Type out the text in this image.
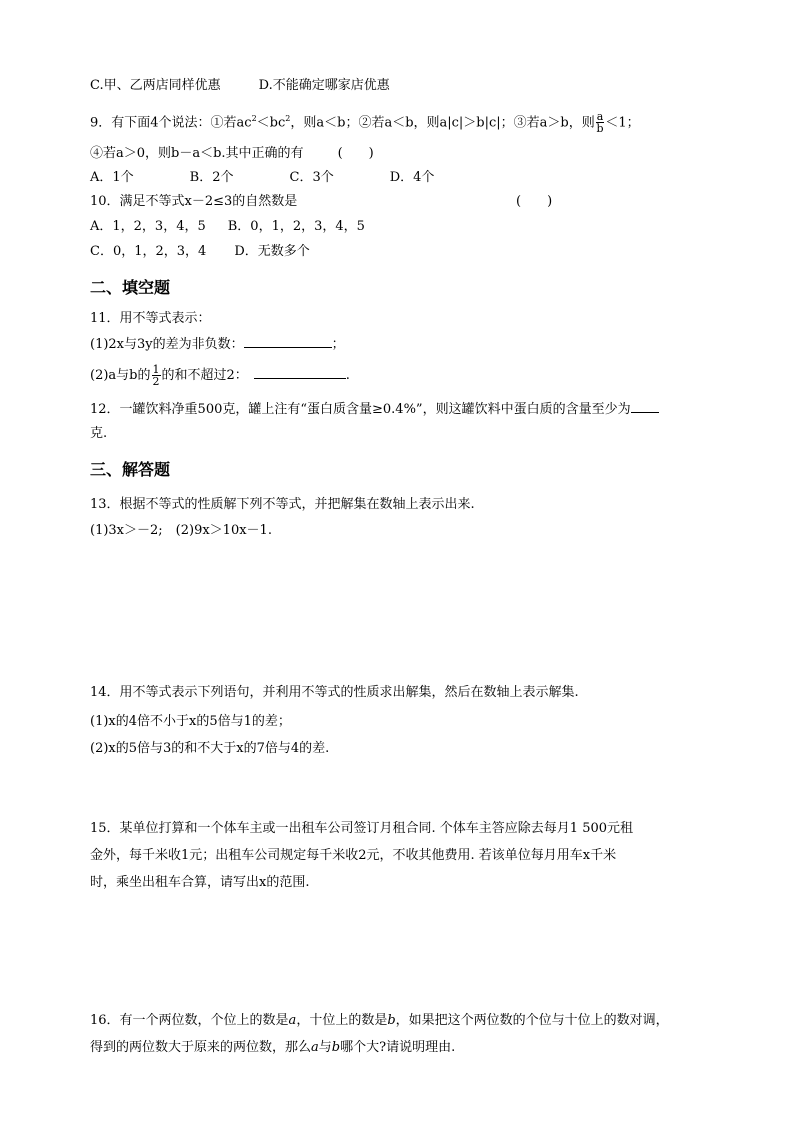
C.甲、乙两店同样优惠	D.不能确定哪家店优惠
9．有下面4个说法：①若$ac^2<bc^2$，则a＜b；②若a＜b，则a|c|＞b|c|；③若a＞b，则 $\frac{a}{b} <1$；
④若a＞0，则b－a＜b.其中正确的有	(　　)
A．1个	B．2个	C．3个	D．4个
10．满足不等式x－2≤3的自然数是	(　　)
A．1，2，3，4，5 B．0，1，2，3，4，5
C．0，1，2，3，4 D．无数多个
二、填空题
11．用不等式表示：
(1)2x与3y的差为非负数：	；
(2)a与b的 $\frac{1}{2}$ 的和不超过2：	.
12．一罐饮料净重500克，罐上注有“蛋白质含量≥0.4%”，则这罐饮料中蛋白质的含量至少为
克.
三、解答题
13．根据不等式的性质解下列不等式，并把解集在数轴上表示出来.
(1)3x＞－2;　(2)9x＞10x－1.
14．用不等式表示下列语句，并利用不等式的性质求出解集，然后在数轴上表示解集.
(1)x的4倍不小于x的5倍与1的差；
(2)x的5倍与3的和不大于x的7倍与4的差.
15．某单位打算和一个体车主或一出租车公司签订月租合同. 个体车主答应除去每月1 500元租
金外，每千米收1元；出租车公司规定每千米收2元，不收其他费用. 若该单位每月用车x千米
时，乘坐出租车合算，请写出x的范围.
16．有一个两位数，个位上的数是a，十位上的数是b，如果把这个两位数的个位与十位上的数对调，
得到的两位数大于原来的两位数，那么a与b哪个大?请说明理由.
